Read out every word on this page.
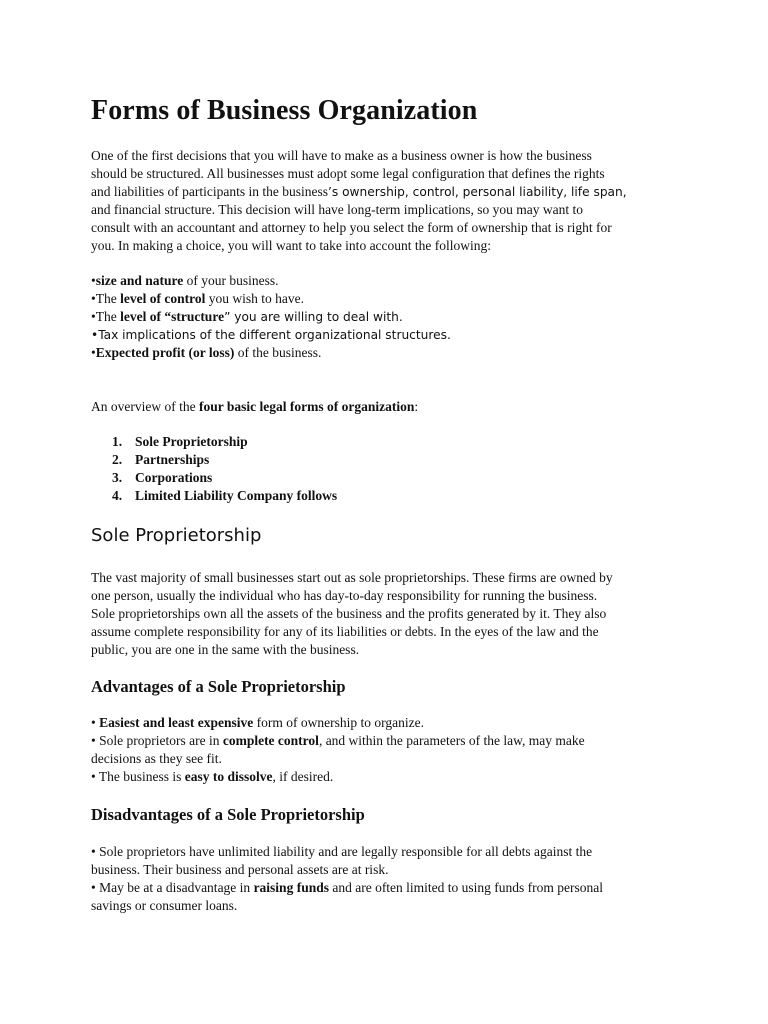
Forms of Business Organization

One of the first decisions that you will have to make as a business owner is how the business

should be structured. All businesses must adopt some legal configuration that defines the rights

and liabilities of participants in the business’s ownership, control, personal liability, life span,

and financial structure. This decision will have long-term implications, so you may want to

consult with an accountant and attorney to help you select the form of ownership that is right for

you. In making a choice, you will want to take into account the following:

•size and nature of your business.
•The level of control you wish to have.
•The level of “structure” you are willing to deal with.
•Tax implications of the different organizational structures.
•Expected profit (or loss) of the business.

An overview of the four basic legal forms of organization:

1. Sole Proprietorship
2. Partnerships
3. Corporations
4. Limited Liability Company follows
Sole Proprietorship

The vast majority of small businesses start out as sole proprietorships. These firms are owned by

one person, usually the individual who has day-to-day responsibility for running the business.

Sole proprietorships own all the assets of the business and the profits generated by it. They also

assume complete responsibility for any of its liabilities or debts. In the eyes of the law and the

public, you are one in the same with the business.

Advantages of a Sole Proprietorship
• Easiest and least expensive form of ownership to organize.
• Sole proprietors are in complete control, and within the parameters of the law, may make
decisions as they see fit.
• The business is easy to dissolve, if desired.
Disadvantages of a Sole Proprietorship
• Sole proprietors have unlimited liability and are legally responsible for all debts against the
business. Their business and personal assets are at risk.
• May be at a disadvantage in raising funds and are often limited to using funds from personal
savings or consumer loans.
